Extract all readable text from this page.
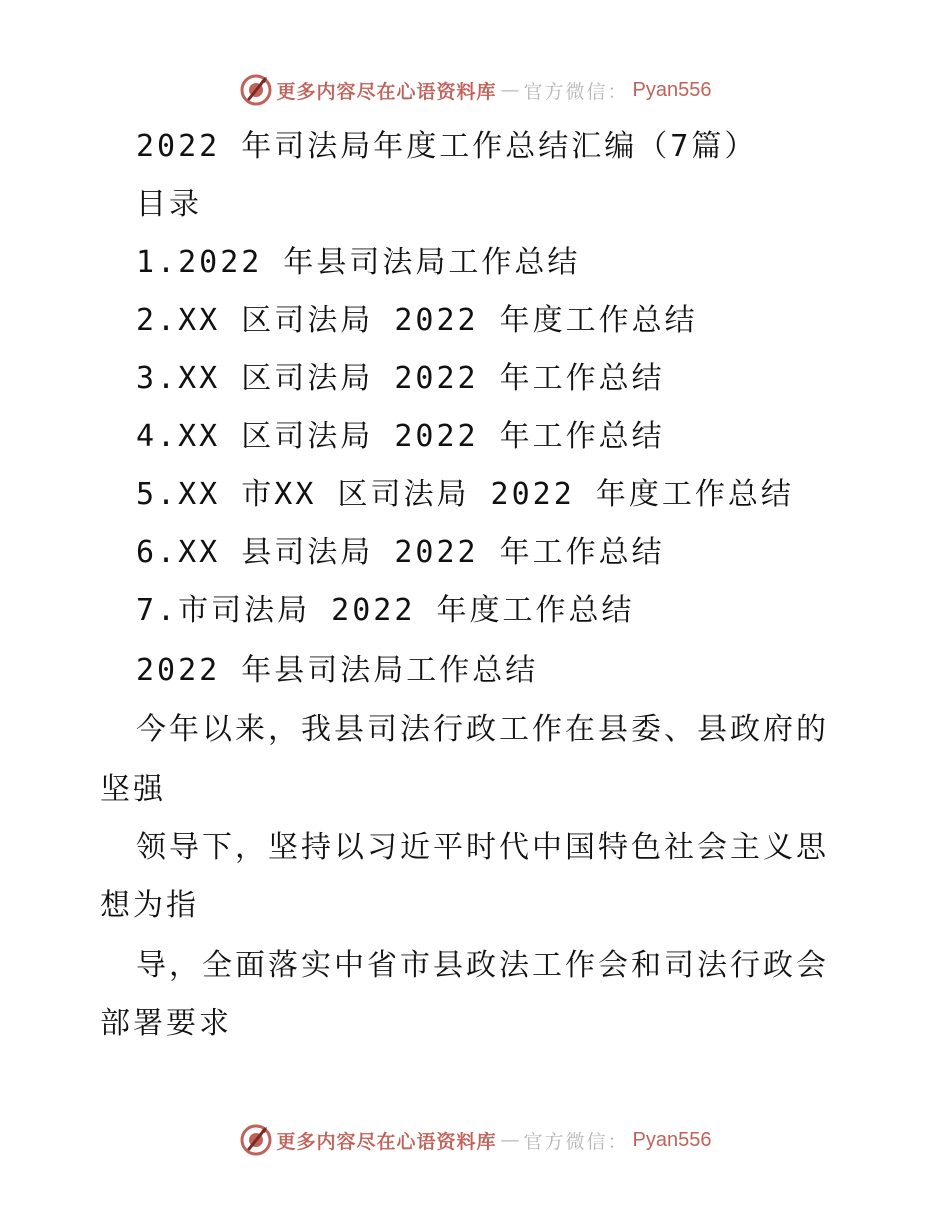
更多内容尽在心语资料库 — 官方微信： Pyan556
2022 年司法局年度工作总结汇编（7篇）
目录
1.2022 年县司法局工作总结
2.XX 区司法局 2022 年度工作总结
3.XX 区司法局 2022 年工作总结
4.XX 区司法局 2022 年工作总结
5.XX 市XX 区司法局 2022 年度工作总结
6.XX 县司法局 2022 年工作总结
7.市司法局 2022 年度工作总结
2022 年县司法局工作总结
今年以来，我县司法行政工作在县委、县政府的
坚强
领导下，坚持以习近平时代中国特色社会主义思
想为指
导，全面落实中省市县政法工作会和司法行政会
部署要求
更多内容尽在心语资料库 — 官方微信： Pyan556
